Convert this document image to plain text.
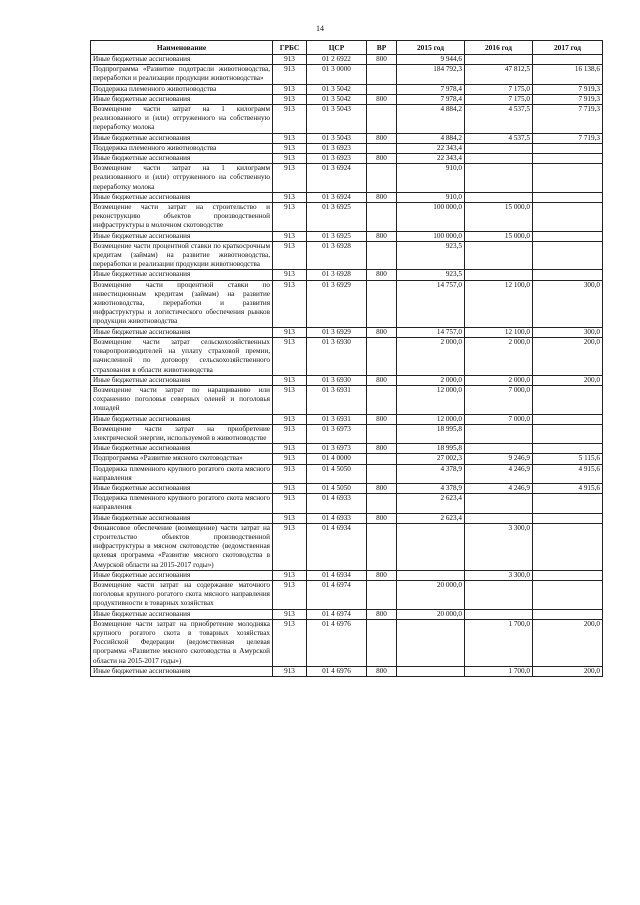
14
Наименование	ГРБС	ЦСР	ВР	2015 год	2016 год	2017 год
Иные бюджетные ассигнования	913	01 2 6922	800	9 944,6		
Подпрограмма «Развитие подотрасли животноводства, переработки и реализации продукции животноводства»	913	01 3 0000		184 792,3	47 812,5	16 138,6
Поддержка племенного животноводства	913	01 3 5042		7 978,4	7 175,0	7 919,3
Иные бюджетные ассигнования	913	01 3 5042	800	7 978,4	7 175,0	7 919,3
Возмещение части затрат на 1 килограмм реализованного и (или) отгруженного на собственную переработку молока	913	01 3 5043		4 884,2	4 537,5	7 719,3
Иные бюджетные ассигнования	913	01 3 5043	800	4 884,2	4 537,5	7 719,3
Поддержка племенного животноводства	913	01 3 6923		22 343,4		
Иные бюджетные ассигнования	913	01 3 6923	800	22 343,4		
Возмещение части затрат на 1 килограмм реализованного и (или) отгруженного на собственную переработку молока	913	01 3 6924		910,0		
Иные бюджетные ассигнования	913	01 3 6924	800	910,0		
Возмещение части затрат на строительство и реконструкцию объектов производственной инфраструктуры в молочном скотоводстве	913	01 3 6925		100 000,0	15 000,0	
Иные бюджетные ассигнования	913	01 3 6925	800	100 000,0	15 000,0	
Возмещение части процентной ставки по краткосрочным кредитам (займам) на развитие животноводства, переработки и реализации продукции животноводства	913	01 3 6928		923,5		
Иные бюджетные ассигнования	913	01 3 6928	800	923,5		
Возмещение части процентной ставки по инвестиционным кредитам (займам) на развитие животноводства, переработки и развития инфраструктуры и логистического обеспечения рынков продукции животноводства	913	01 3 6929		14 757,0	12 100,0	300,0
Иные бюджетные ассигнования	913	01 3 6929	800	14 757,0	12 100,0	300,0
Возмещение части затрат сельскохозяйственных товаропроизводителей на уплату страховой премии, начисленной по договору сельскохозяйственного страхования в области животноводства	913	01 3 6930		2 000,0	2 000,0	200,0
Иные бюджетные ассигнования	913	01 3 6930	800	2 000,0	2 000,0	200,0
Возмещение части затрат по наращиванию или сохранению поголовья северных оленей и поголовья лошадей	913	01 3 6931		12 000,0	7 000,0	
Иные бюджетные ассигнования	913	01 3 6931	800	12 000,0	7 000,0	
Возмещение части затрат на приобретение электрической энергии, используемой в животноводстве	913	01 3 6973		18 995,8		
Иные бюджетные ассигнования	913	01 3 6973	800	18 995,8		
Подпрограмма «Развитие мясного скотоводства»	913	01 4 0000		27 002,3	9 246,9	5 115,6
Поддержка племенного крупного рогатого скота мясного направления	913	01 4 5050		4 378,9	4 246,9	4 915,6
Иные бюджетные ассигнования	913	01 4 5050	800	4 378,9	4 246,9	4 915,6
Поддержка племенного крупного рогатого скота мясного направления	913	01 4 6933		2 623,4		
Иные бюджетные ассигнования	913	01 4 6933	800	2 623,4		
Финансовое обеспечение (возмещение) части затрат на строительство объектов производственной инфраструктуры в мясном скотоводстве (ведомственная целевая программа «Развитие мясного скотоводства в Амурской области на 2015-2017 годы»)	913	01 4 6934			3 300,0	
Иные бюджетные ассигнования	913	01 4 6934	800		3 300,0	
Возмещение части затрат на содержание маточного поголовья крупного рогатого скота мясного направления продуктивности в товарных хозяйствах	913	01 4 6974		20 000,0		
Иные бюджетные ассигнования	913	01 4 6974	800	20 000,0		
Возмещение части затрат на приобретение молодняка крупного рогатого скота в товарных хозяйствах Российской Федерации (ведомственная целевая программа «Развитие мясного скотоводства в Амурской области на 2015-2017 годы»)	913	01 4 6976			1 700,0	200,0
Иные бюджетные ассигнования	913	01 4 6976	800		1 700,0	200,0
